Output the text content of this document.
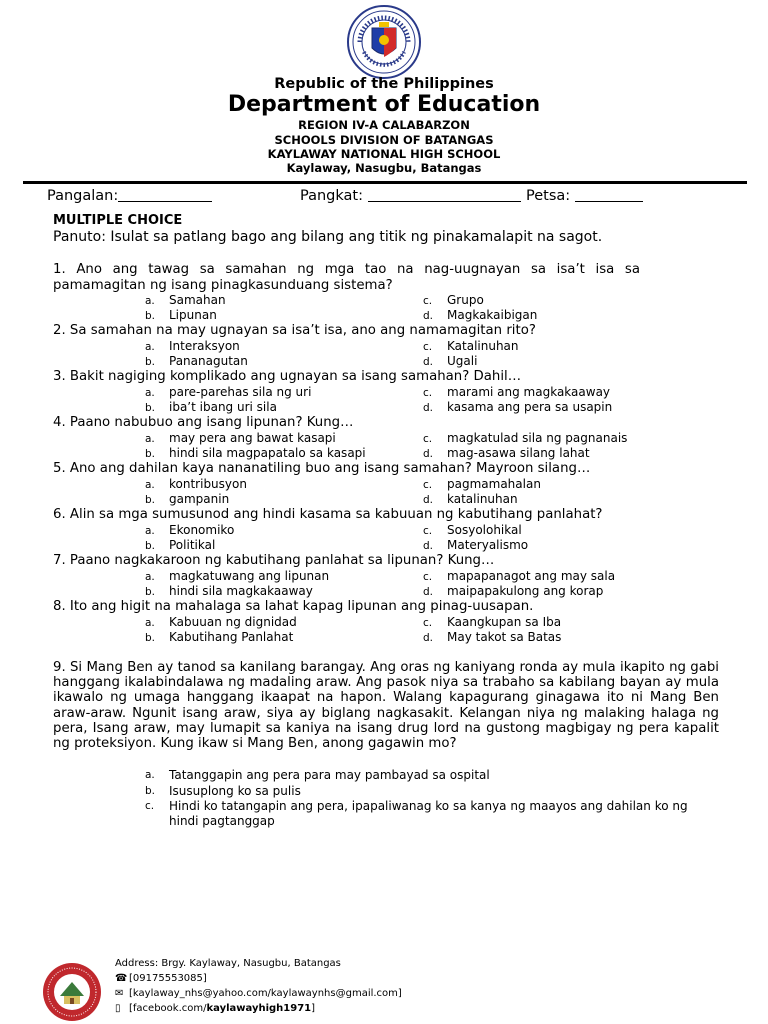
Republic of the Philippines
Department of Education
REGION IV-A CALABARZON
SCHOOLS DIVISION OF BATANGAS
KAYLAWAY NATIONAL HIGH SCHOOL
Kaylaway, Nasugbu, Batangas
Pangalan:	Pangkat:	Petsa:
MULTIPLE CHOICE
Panuto: Isulat sa patlang bago ang bilang ang titik ng pinakamalapit na sagot.
1. Ano ang tawag sa samahan ng mga tao na nag-uugnayan sa isa’t isa sa pamamagitan ng isang pinagkasunduang sistema?
a. Samahan
b. Lipunan
c. Grupo
d. Magkakaibigan
2. Sa samahan na may ugnayan sa isa’t isa, ano ang namamagitan rito?
a. Interaksyon
b. Pananagutan
c. Katalinuhan
d. Ugali
3. Bakit nagiging komplikado ang ugnayan sa isang samahan? Dahil…
a. pare-parehas sila ng uri
b. iba’t ibang uri sila
c. marami ang magkakaaway
d. kasama ang pera sa usapin
4. Paano nabubuo ang isang lipunan? Kung…
a. may pera ang bawat kasapi
b. hindi sila magpapatalo sa kasapi
c. magkatulad sila ng pagnanais
d. mag-asawa silang lahat
5. Ano ang dahilan kaya nananatiling buo ang isang samahan? Mayroon silang…
a. kontribusyon
b. gampanin
c. pagmamahalan
d. katalinuhan
6. Alin sa mga sumusunod ang hindi kasama sa kabuuan ng kabutihang panlahat?
a. Ekonomiko
b. Politikal
c. Sosyolohikal
d. Materyalismo
7. Paano nagkakaroon ng kabutihang panlahat sa lipunan? Kung…
a. magkatuwang ang lipunan
b. hindi sila magkakaaway
c. mapapanagot ang may sala
d. maipapakulong ang korap
8. Ito ang higit na mahalaga sa lahat kapag lipunan ang pinag-uusapan.
a. Kabuuan ng dignidad
b. Kabutihang Panlahat
c. Kaangkupan sa Iba
d. May takot sa Batas
9. Si Mang Ben ay tanod sa kanilang barangay. Ang oras ng kaniyang ronda ay mula ikapito ng gabi hanggang ikalabindalawa ng madaling araw. Ang pasok niya sa trabaho sa kabilang bayan ay mula ikawalo ng umaga hanggang ikaapat na hapon. Walang kapagurang ginagawa ito ni Mang Ben araw-araw. Ngunit isang araw, siya ay biglang nagkasakit. Kelangan niya ng malaking halaga ng pera, Isang araw, may lumapit sa kaniya na isang drug lord na gustong magbigay ng pera kapalit ng proteksiyon. Kung ikaw si Mang Ben, anong gagawin mo?
a. Tatanggapin ang pera para may pambayad sa ospital
b. Isusuplong ko sa pulis
c. Hindi ko tatangapin ang pera, ipapaliwanag ko sa kanya ng maayos ang dahilan ko ng hindi pagtanggap
Address: Brgy. Kaylaway, Nasugbu, Batangas
☎ [09175553085]
✉ [kaylaway_nhs@yahoo.com/kaylawaynhs@gmail.com]
▯ [facebook.com/kaylawayhigh1971]
